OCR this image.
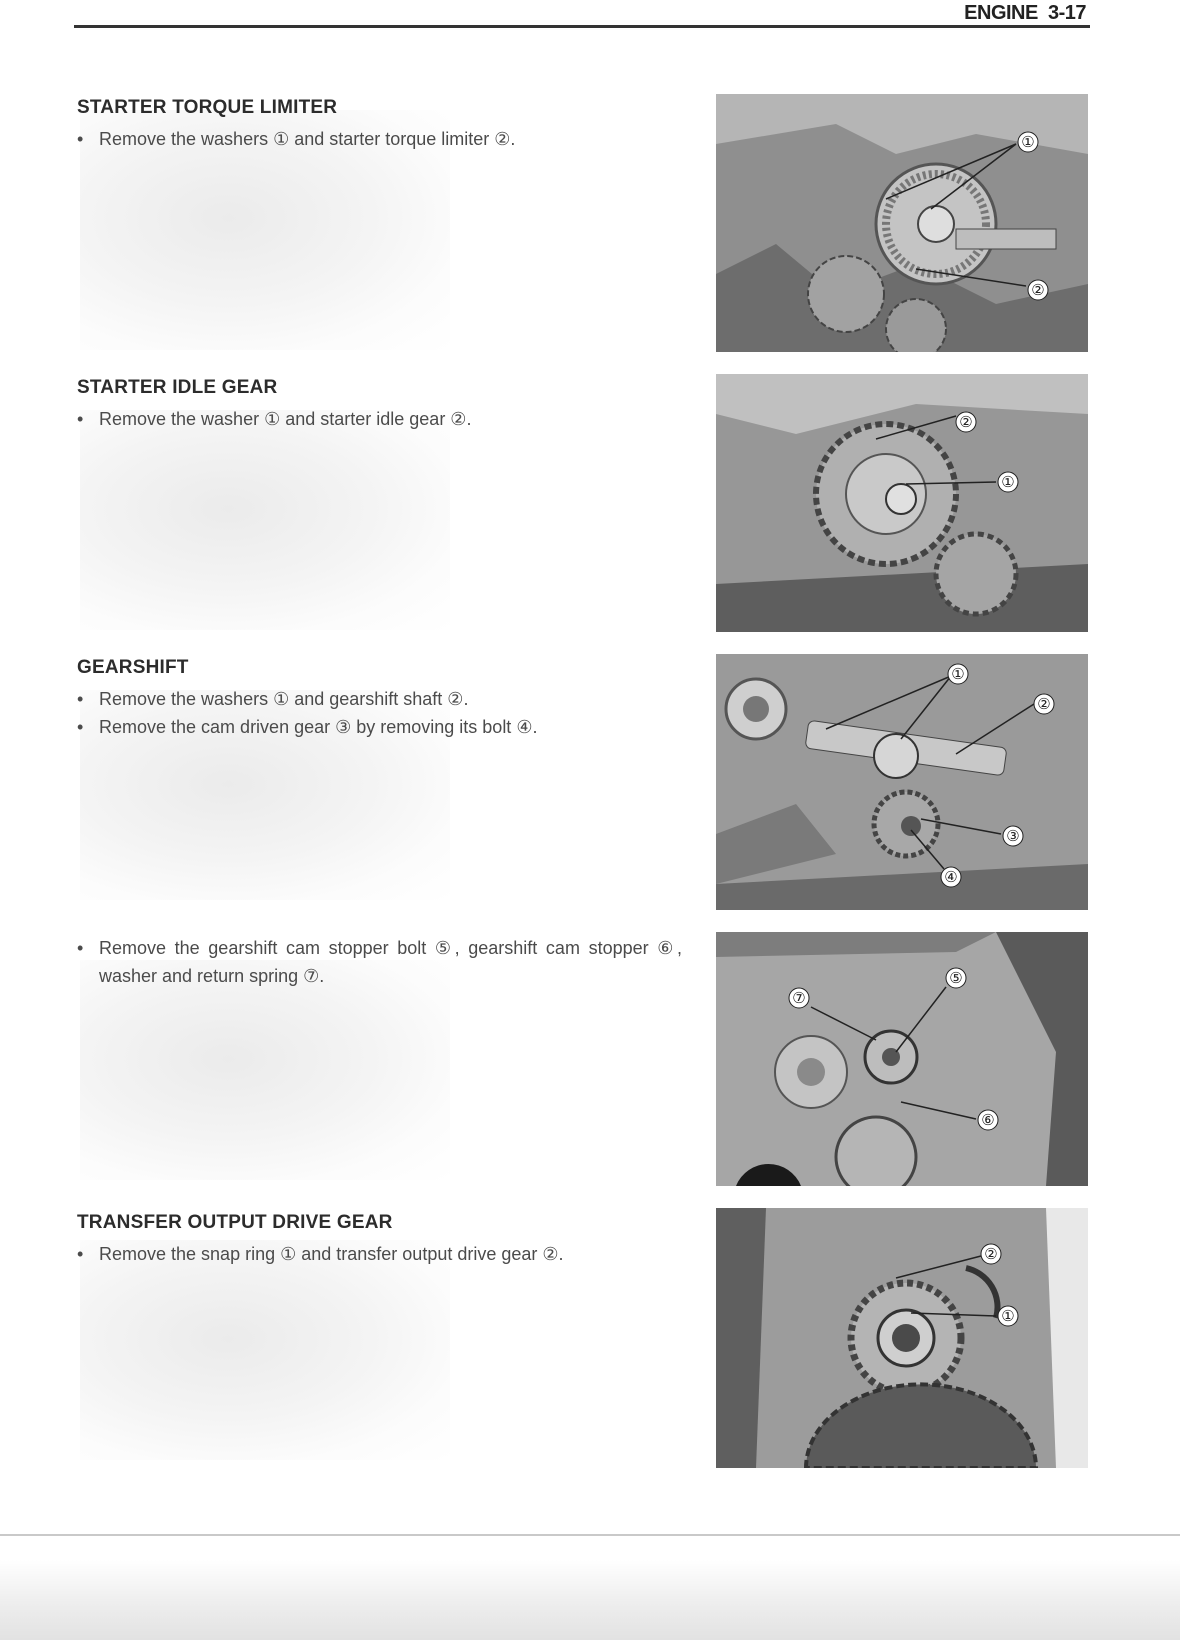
ENGINE 3-17
STARTER TORQUE LIMITER

• Remove the washers ① and starter torque limiter ②.	①
②
STARTER IDLE GEAR

• Remove the washer ① and starter idle gear ②.	②
①
GEARSHIFT

• Remove the washers ① and gearshift shaft ②.

• Remove the cam driven gear ③ by removing its bolt ④.

①
②
③
④

• Remove the gearshift cam stopper bolt ⑤, gearshift cam stopper ⑥, washer and return spring ⑦.	⑤
⑦
⑥
TRANSFER OUTPUT DRIVE GEAR

• Remove the snap ring ① and transfer output drive gear ②.	②
①
